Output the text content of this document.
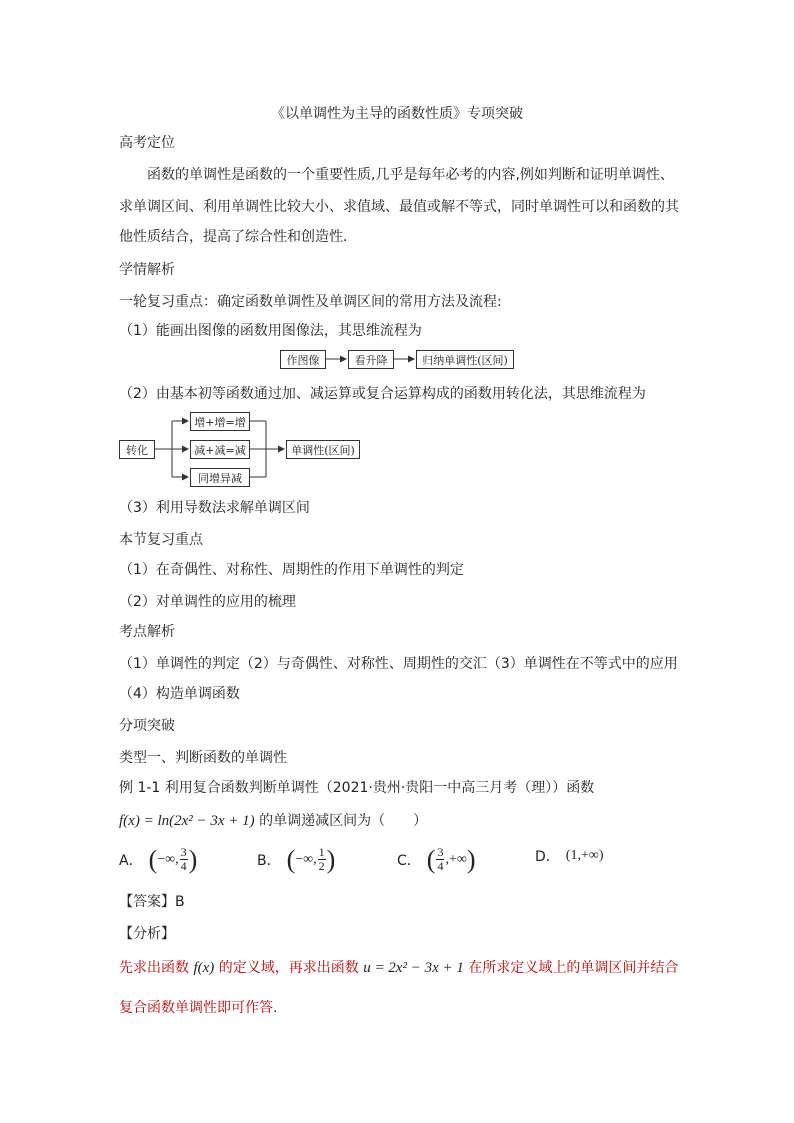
《以单调性为主导的函数性质》专项突破
高考定位
函数的单调性是函数的一个重要性质,几乎是每年必考的内容,例如判断和证明单调性、
求单调区间、利用单调性比较大小、求值域、最值或解不等式，同时单调性可以和函数的其
他性质结合，提高了综合性和创造性．
学情解析
一轮复习重点：确定函数单调性及单调区间的常用方法及流程:
（1）能画出图像的函数用图像法，其思维流程为
作图像	看升降	归纳单调性(区间)
（2）由基本初等函数通过加、减运算或复合运算构成的函数用转化法，其思维流程为
转化
增+增=增
减+减=减
同增异减
单调性(区间)
（3）利用导数法求解单调区间
本节复习重点
（1）在奇偶性、对称性、周期性的作用下单调性的判定
（2）对单调性的应用的梳理
考点解析
（1）单调性的判定（2）与奇偶性、对称性、周期性的交汇（3）单调性在不等式中的应用
（4）构造单调函数
分项突破
类型一、判断函数的单调性
例 1-1 利用复合函数判断单调性（2021·贵州·贵阳一中高三月考（理））函数
f(x) = ln(2x² − 3x + 1) 的单调递减区间为（　　）
A． ( −∞, $\frac{3}{4}$ )	B． ( −∞, $\frac{1}{2}$ )	C． ( $\frac{3}{4}$ ,+∞ )	D． (1,+∞)
【答案】B
【分析】
先求出函数 f(x) 的定义域，再求出函数 u = 2x² − 3x + 1 在所求定义域上的单调区间并结合
复合函数单调性即可作答.
